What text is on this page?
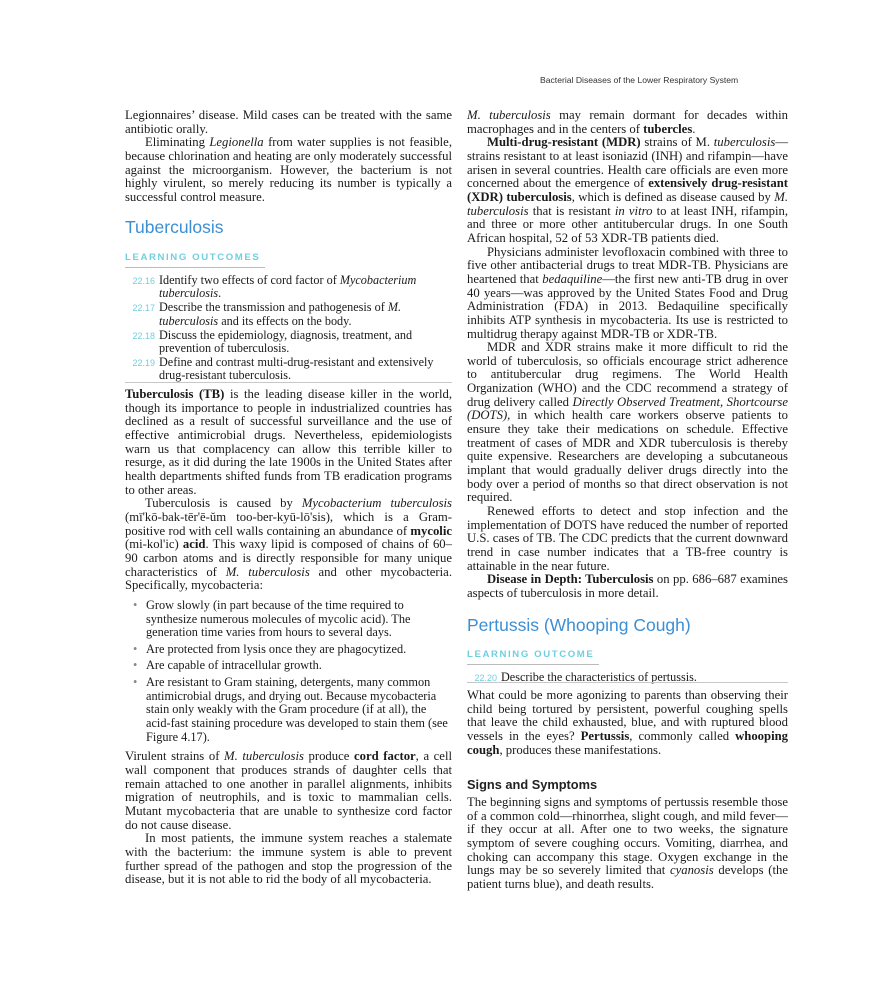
Bacterial Diseases of the Lower Respiratory System

Legionnaires’ disease. Mild cases can be treated with the same antibiotic orally.

Eliminating Legionella from water supplies is not feasible, because chlorination and heating are only moderately successful against the microorganism. However, the bacterium is not highly virulent, so merely reducing its number is typically a successful control measure.

Tuberculosis
LEARNING OUTCOMES
22.16 Identify two effects of cord factor of Mycobacterium tuberculosis.
22.17 Describe the transmission and pathogenesis of M. tuberculosis and its effects on the body.
22.18 Discuss the epidemiology, diagnosis, treatment, and prevention of tuberculosis.
22.19 Define and contrast multi-drug-resistant and extensively drug-resistant tuberculosis.

Tuberculosis (TB) is the leading disease killer in the world, though its importance to people in industrialized countries has declined as a result of successful surveillance and the use of effective antimicrobial drugs. Nevertheless, epidemiologists warn us that complacency can allow this terrible killer to resurge, as it did during the late 1900s in the United States after health departments shifted funds from TB eradication programs to other areas.

Tuberculosis is caused by Mycobacterium tuberculosis (mī'kō-bak-tēr'ē-ŭm too-ber-kyū-lō'sis), which is a Gram-positive rod with cell walls containing an abundance of mycolic (mi-kol'ic) acid. This waxy lipid is composed of chains of 60–90 carbon atoms and is directly responsible for many unique characteristics of M. tuberculosis and other mycobacteria. Specifically, mycobacteria:

• Grow slowly (in part because of the time required to synthesize numerous molecules of mycolic acid). The generation time varies from hours to several days.
• Are protected from lysis once they are phagocytized.
• Are capable of intracellular growth.
• Are resistant to Gram staining, detergents, many common antimicrobial drugs, and drying out. Because mycobacteria stain only weakly with the Gram procedure (if at all), the acid-fast staining procedure was developed to stain them (see Figure 4.17).

Virulent strains of M. tuberculosis produce cord factor, a cell wall component that produces strands of daughter cells that remain attached to one another in parallel alignments, inhibits migration of neutrophils, and is toxic to mammalian cells. Mutant mycobacteria that are unable to synthesize cord factor do not cause disease.

In most patients, the immune system reaches a stalemate with the bacterium: the immune system is able to prevent further spread of the pathogen and stop the progression of the disease, but it is not able to rid the body of all mycobacteria.

M. tuberculosis may remain dormant for decades within macrophages and in the centers of tubercles.

Multi-drug-resistant (MDR) strains of M. tuberculosis—strains resistant to at least isoniazid (INH) and rifampin—have arisen in several countries. Health care officials are even more concerned about the emergence of extensively drug-resistant (XDR) tuberculosis, which is defined as disease caused by M. tuberculosis that is resistant in vitro to at least INH, rifampin, and three or more other antitubercular drugs. In one South African hospital, 52 of 53 XDR-TB patients died.

Physicians administer levofloxacin combined with three to five other antibacterial drugs to treat MDR-TB. Physicians are heartened that bedaquiline—the first new anti-TB drug in over 40 years—was approved by the United States Food and Drug Administration (FDA) in 2013. Bedaquiline specifically inhibits ATP synthesis in mycobacteria. Its use is restricted to multidrug therapy against MDR-TB or XDR-TB.

MDR and XDR strains make it more difficult to rid the world of tuberculosis, so officials encourage strict adherence to antitubercular drug regimens. The World Health Organization (WHO) and the CDC recommend a strategy of drug delivery called Directly Observed Treatment, Shortcourse (DOTS), in which health care workers observe patients to ensure they take their medications on schedule. Effective treatment of cases of MDR and XDR tuberculosis is thereby quite expensive. Researchers are developing a subcutaneous implant that would gradually deliver drugs directly into the body over a period of months so that direct observation is not required.

Renewed efforts to detect and stop infection and the implementation of DOTS have reduced the number of reported U.S. cases of TB. The CDC predicts that the current downward trend in case number indicates that a TB-free country is attainable in the near future.

Disease in Depth: Tuberculosis on pp. 686–687 examines aspects of tuberculosis in more detail.

Pertussis (Whooping Cough)
LEARNING OUTCOME
22.20 Describe the characteristics of pertussis.

What could be more agonizing to parents than observing their child being tortured by persistent, powerful coughing spells that leave the child exhausted, blue, and with ruptured blood vessels in the eyes? Pertussis, commonly called whooping cough, produces these manifestations.

Signs and Symptoms

The beginning signs and symptoms of pertussis resemble those of a common cold—rhinorrhea, slight cough, and mild fever—if they occur at all. After one to two weeks, the signature symptom of severe coughing occurs. Vomiting, diarrhea, and choking can accompany this stage. Oxygen exchange in the lungs may be so severely limited that cyanosis develops (the patient turns blue), and death results.
